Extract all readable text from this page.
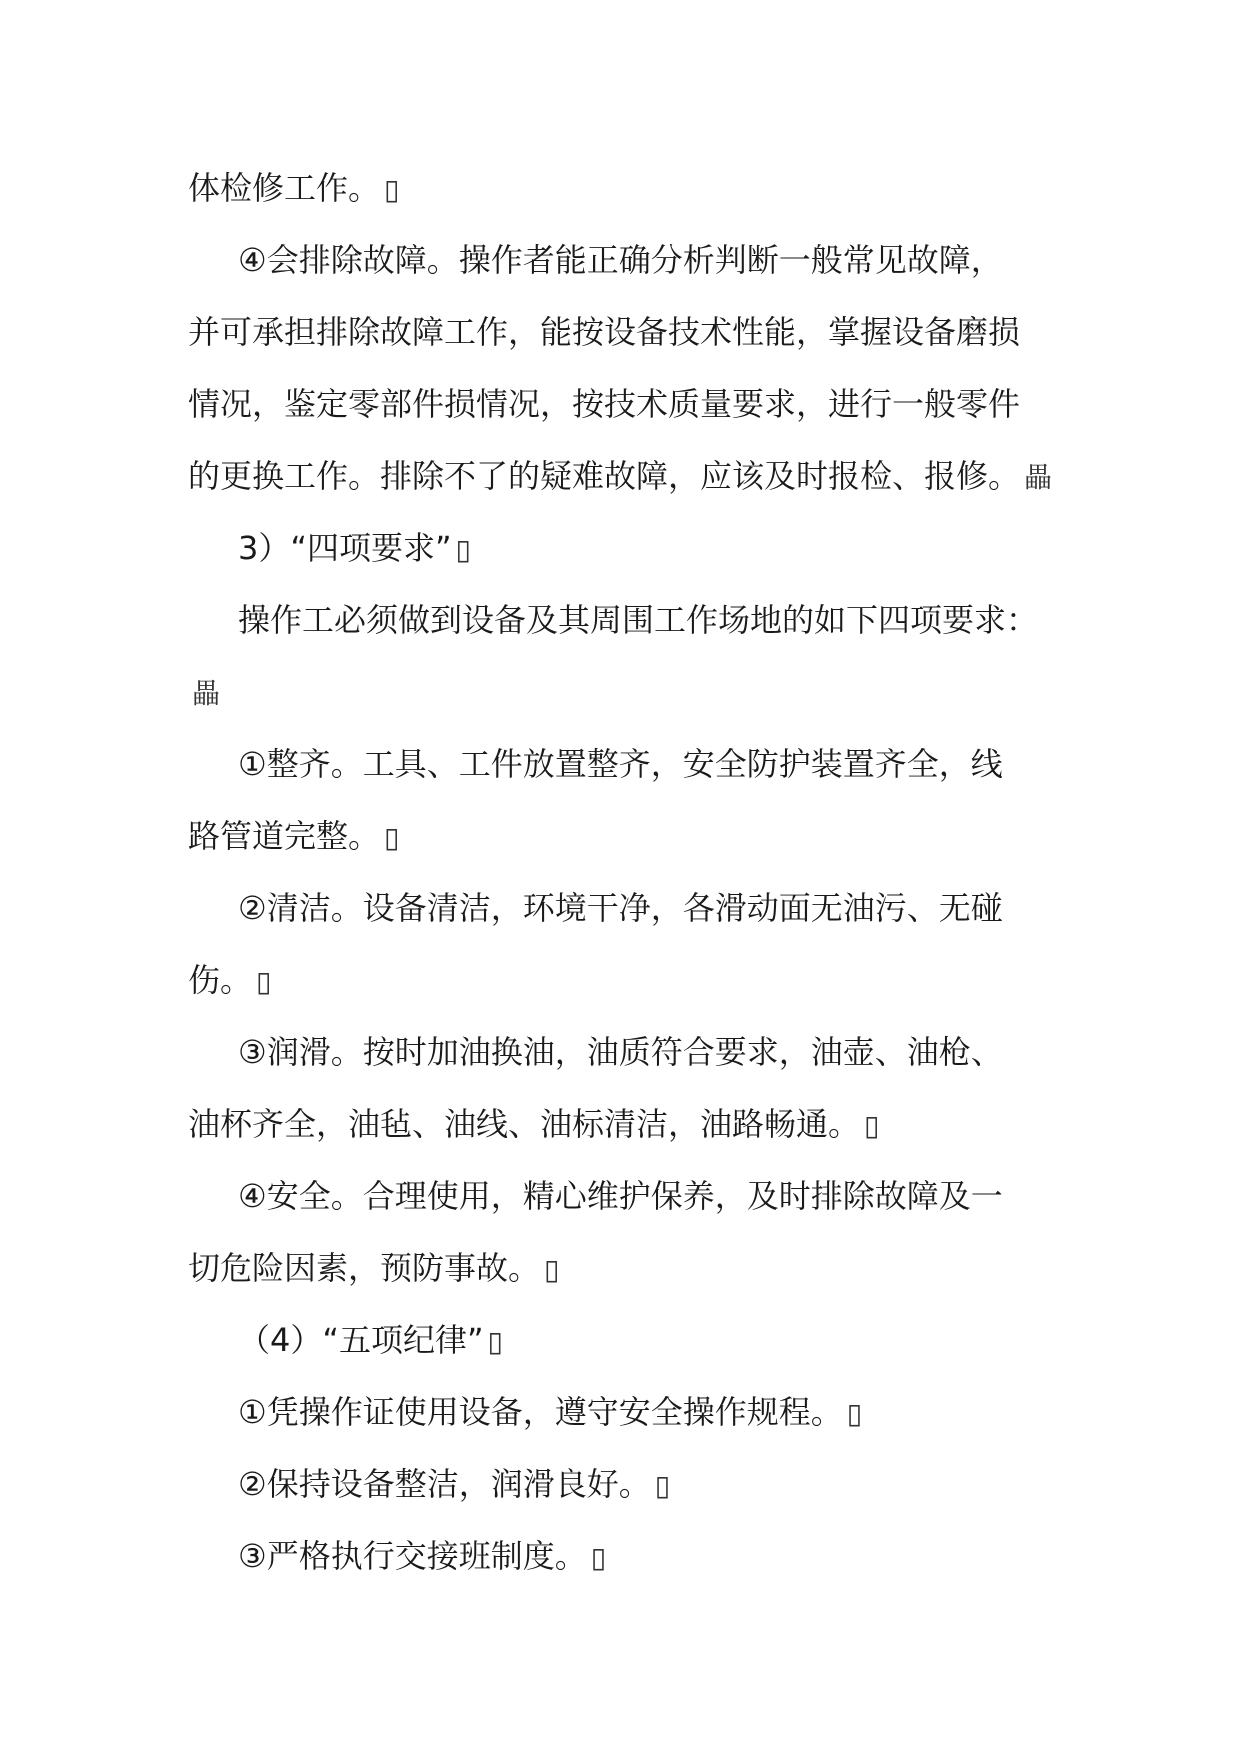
体检修工作。 ▯
④会排除故障。操作者能正确分析判断一般常见故障，
并可承担排除故障工作，能按设备技术性能，掌握设备磨损
情况，鉴定零部件损情况，按技术质量要求，进行一般零件
的更换工作。排除不了的疑难故障，应该及时报检、报修。 畾
3）“四项要求” ▯
操作工必须做到设备及其周围工作场地的如下四项要求：
畾
①整齐。工具、工件放置整齐，安全防护装置齐全，线
路管道完整。 ▯
②清洁。设备清洁，环境干净，各滑动面无油污、无碰
伤。 ▯
③润滑。按时加油换油，油质符合要求，油壶、油枪、
油杯齐全，油毡、油线、油标清洁，油路畅通。 ▯
④安全。合理使用，精心维护保养，及时排除故障及一
切危险因素，预防事故。 ▯
（4）“五项纪律” ▯
①凭操作证使用设备，遵守安全操作规程。 ▯
②保持设备整洁，润滑良好。 ▯
③严格执行交接班制度。 ▯
